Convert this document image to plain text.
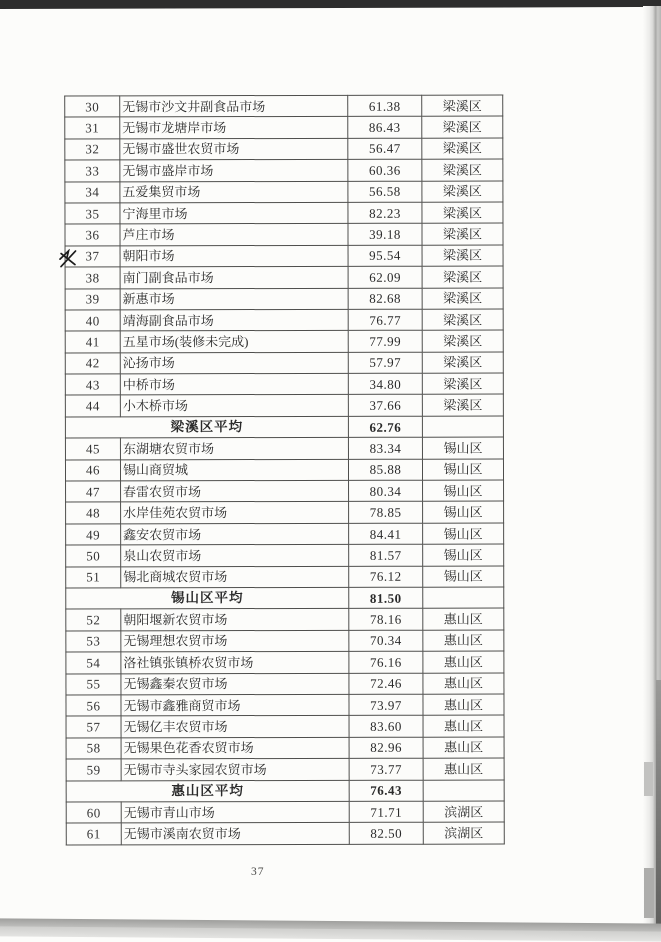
30	无锡市沙文井副食品市场	61.38	梁溪区
31	无锡市龙塘岸市场	86.43	梁溪区
32	无锡市盛世农贸市场	56.47	梁溪区
33	无锡市盛岸市场	60.36	梁溪区
34	五爱集贸市场	56.58	梁溪区
35	宁海里市场	82.23	梁溪区
36	芦庄市场	39.18	梁溪区
37	朝阳市场	95.54	梁溪区
38	南门副食品市场	62.09	梁溪区
39	新惠市场	82.68	梁溪区
40	靖海副食品市场	76.77	梁溪区
41	五星市场(装修未完成)	77.99	梁溪区
42	沁扬市场	57.97	梁溪区
43	中桥市场	34.80	梁溪区
44	小木桥市场	37.66	梁溪区
梁溪区平均		62.76	
45	东湖塘农贸市场	83.34	锡山区
46	锡山商贸城	85.88	锡山区
47	春雷农贸市场	80.34	锡山区
48	水岸佳苑农贸市场	78.85	锡山区
49	鑫安农贸市场	84.41	锡山区
50	泉山农贸市场	81.57	锡山区
51	锡北商城农贸市场	76.12	锡山区
锡山区平均		81.50	
52	朝阳堰新农贸市场	78.16	惠山区
53	无锡理想农贸市场	70.34	惠山区
54	洛社镇张镇桥农贸市场	76.16	惠山区
55	无锡鑫秦农贸市场	72.46	惠山区
56	无锡市鑫雅商贸市场	73.97	惠山区
57	无锡亿丰农贸市场	83.60	惠山区
58	无锡果色花香农贸市场	82.96	惠山区
59	无锡市寺头家园农贸市场	73.77	惠山区
惠山区平均		76.43	
60	无锡市青山市场	71.71	滨湖区
61	无锡市溪南农贸市场	82.50	滨湖区
37
